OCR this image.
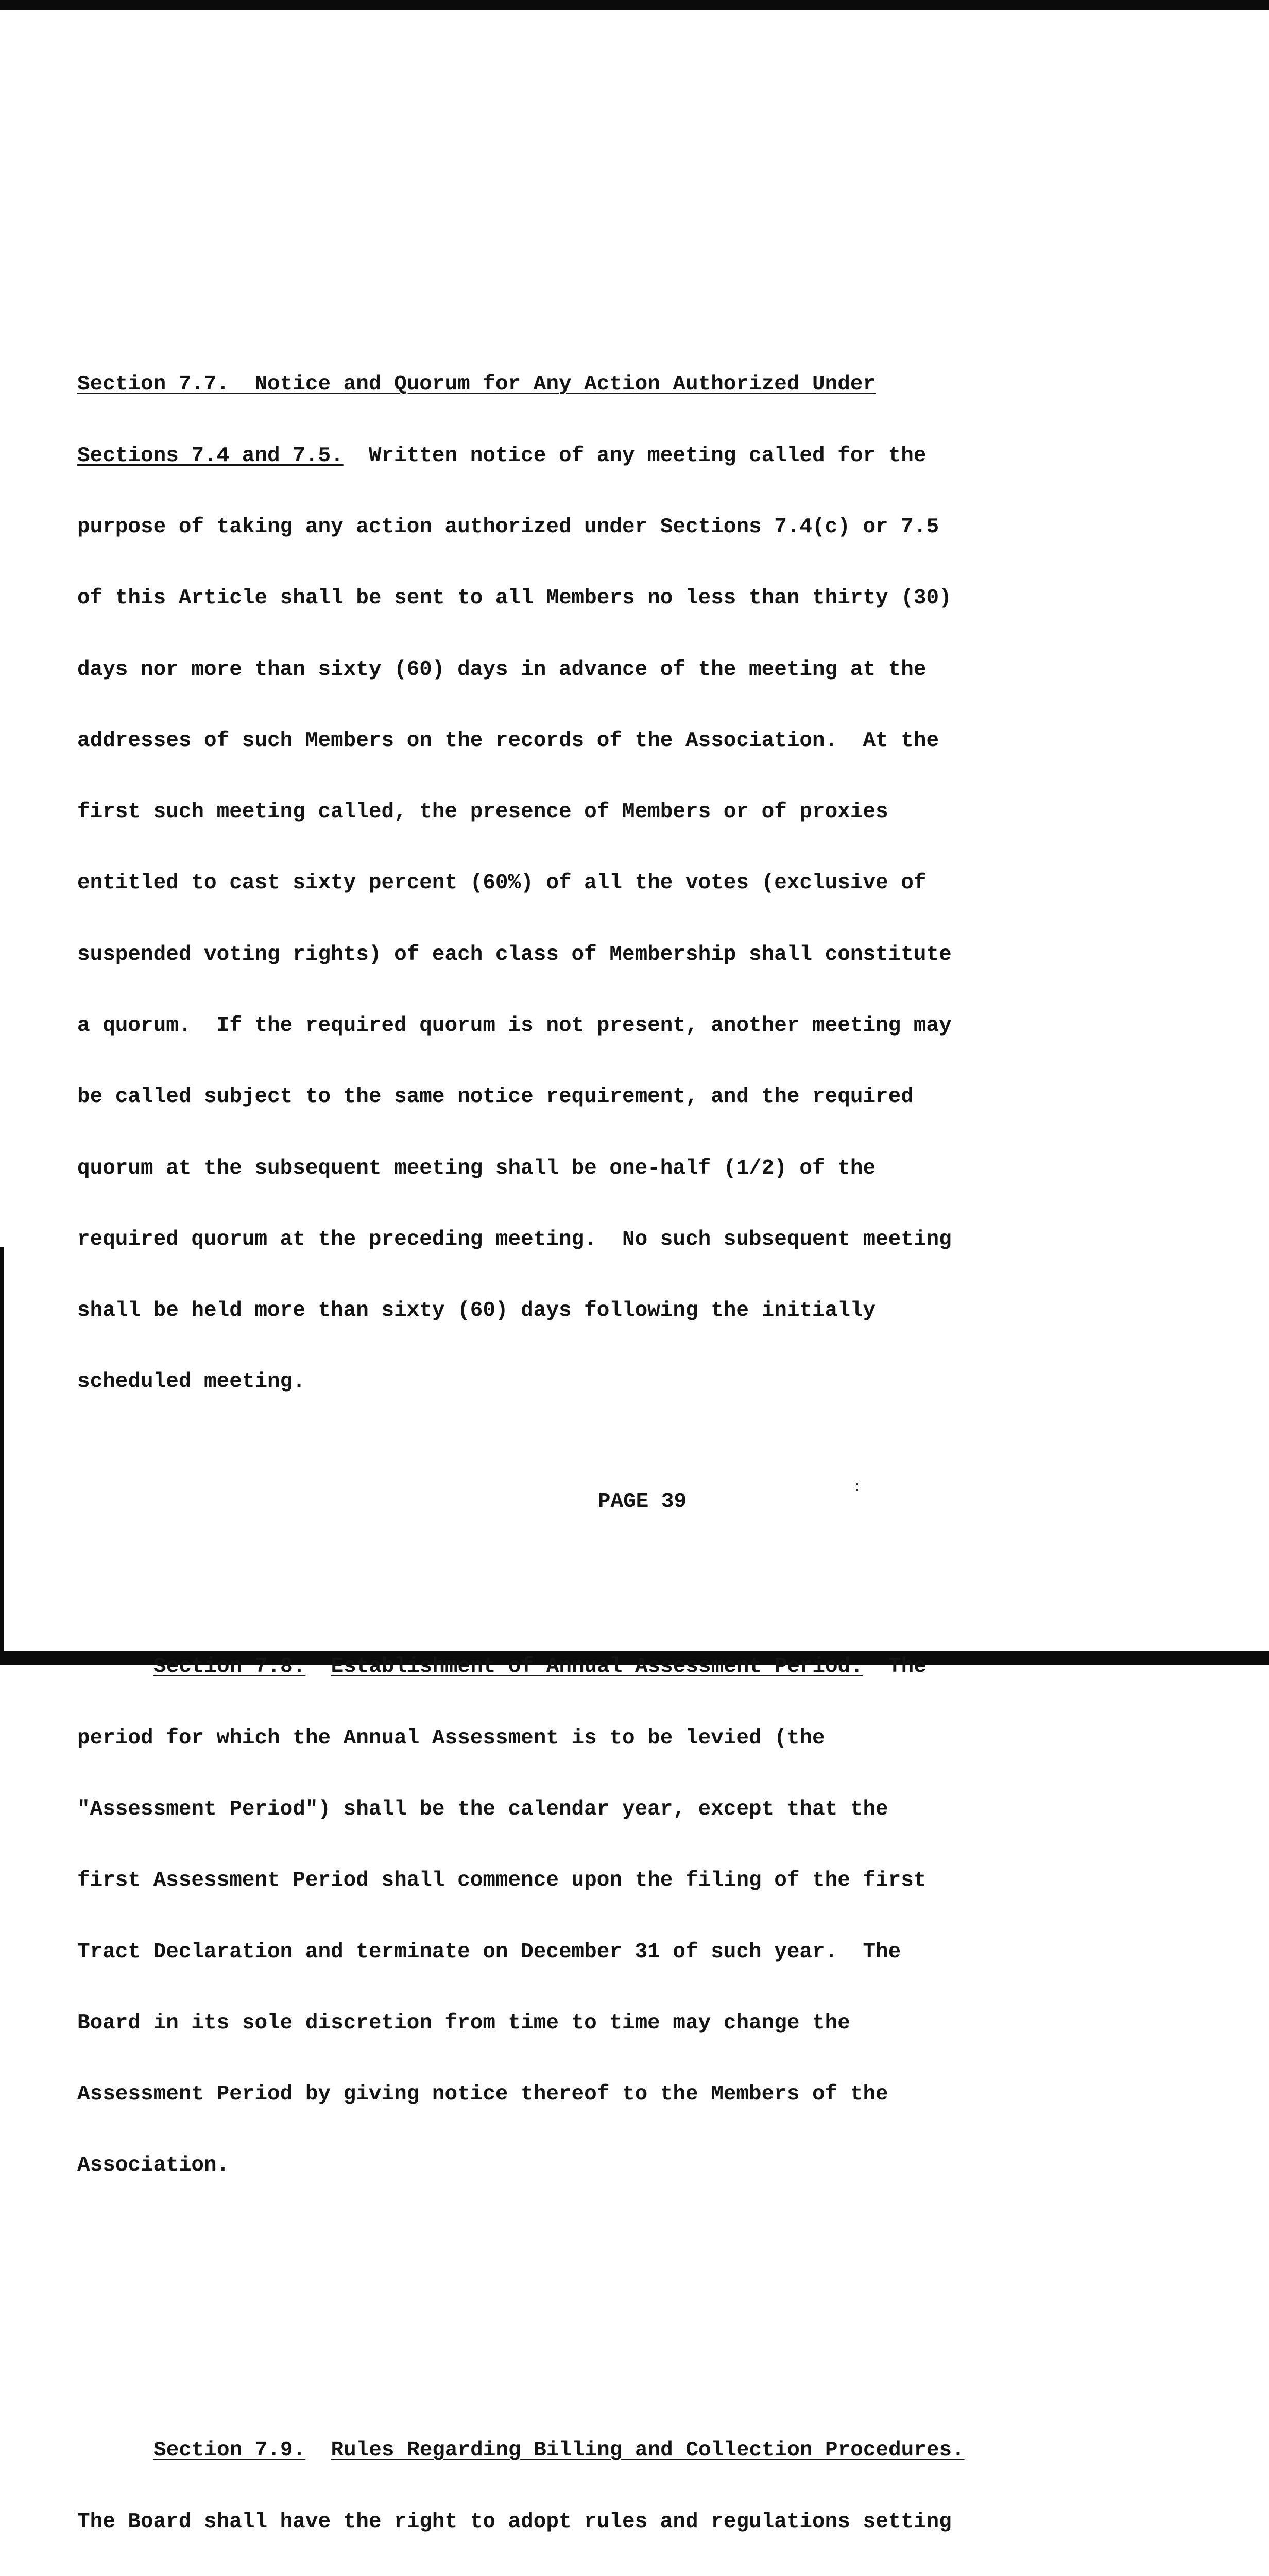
Section 7.7.  Notice and Quorum for Any Action Authorized Under

Sections 7.4 and 7.5.  Written notice of any meeting called for the

purpose of taking any action authorized under Sections 7.4(c) or 7.5

of this Article shall be sent to all Members no less than thirty (30)

days nor more than sixty (60) days in advance of the meeting at the

addresses of such Members on the records of the Association.  At the

first such meeting called, the presence of Members or of proxies

entitled to cast sixty percent (60%) of all the votes (exclusive of

suspended voting rights) of each class of Membership shall constitute

a quorum.  If the required quorum is not present, another meeting may

be called subject to the same notice requirement, and the required

quorum at the subsequent meeting shall be one-half (1/2) of the

required quorum at the preceding meeting.  No such subsequent meeting

shall be held more than sixty (60) days following the initially

scheduled meeting.

Section 7.8. Establishment of Annual Assessment Period.  The

period for which the Annual Assessment is to be levied (the

"Assessment Period") shall be the calendar year, except that the

first Assessment Period shall commence upon the filing of the first

Tract Declaration and terminate on December 31 of such year.  The

Board in its sole discretion from time to time may change the

Assessment Period by giving notice thereof to the Members of the

Association.

Section 7.9. Rules Regarding Billing and Collection Procedures.

The Board shall have the right to adopt rules and regulations setting

PAGE 39
